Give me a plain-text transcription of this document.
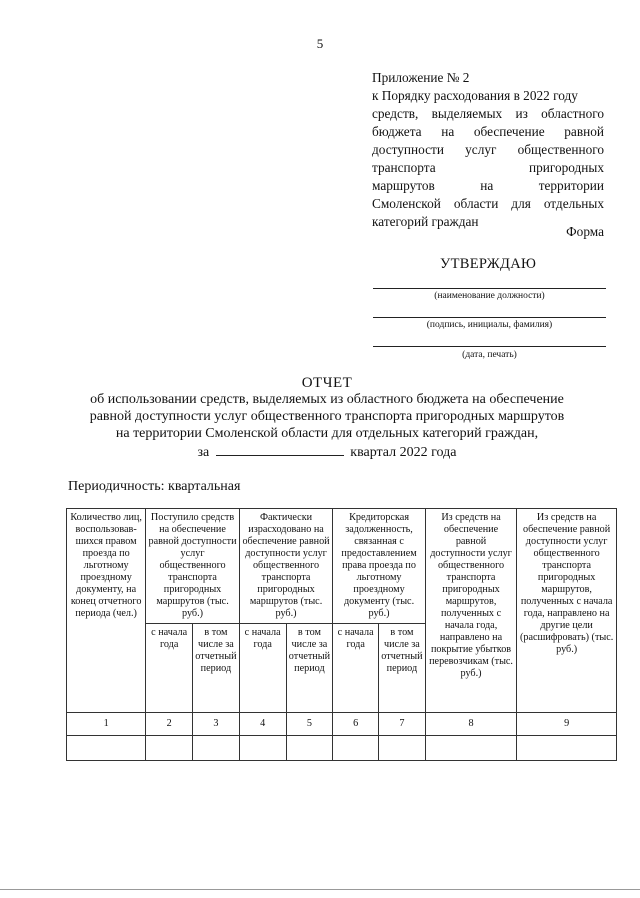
5
Приложение № 2
к Порядку расходования в 2022 году
средств, выделяемых из областного
бюджета на обеспечение равной
доступности услуг общественного
транспорта пригородных
маршрутов на территории
Смоленской области для отдельных
категорий граждан
Форма
УТВЕРЖДАЮ
(наименование должности)
(подпись, инициалы, фамилия)
(дата, печать)
ОТЧЕТ
об использовании средств, выделяемых из областного бюджета на обеспечение
равной доступности услуг общественного транспорта пригородных маршрутов
на территории Смоленской области для отдельных категорий граждан,
за	квартал 2022 года
Периодичность: квартальная
Количество лиц, воспользовав-шихся правом проезда по льготному проездному документу, на конец отчетного периода (чел.)	Поступило средств на обеспечение равной доступности услуг общественного транспорта пригородных маршрутов (тыс. руб.)		Фактически израсходовано на обеспечение равной доступности услуг общественного транспорта пригородных маршрутов (тыс. руб.)		Кредиторская задолженность, связанная с предоставлением права проезда по льготному проездному документу (тыс. руб.)		Из средств на обеспечение равной доступности услуг общественного транспорта пригородных маршрутов, полученных с начала года, направлено на покрытие убытков перевозчикам (тыс. руб.)	Из средств на обеспечение равной доступности услуг общественного транспорта пригородных маршрутов, полученных с начала года, направлено на другие цели (расшифровать) (тыс. руб.)
	с начала года	в том числе за отчетный период	с начала года	в том числе за отчетный период	с начала года	в том числе за отчетный период		
1	2	3	4	5	6	7	8	9
